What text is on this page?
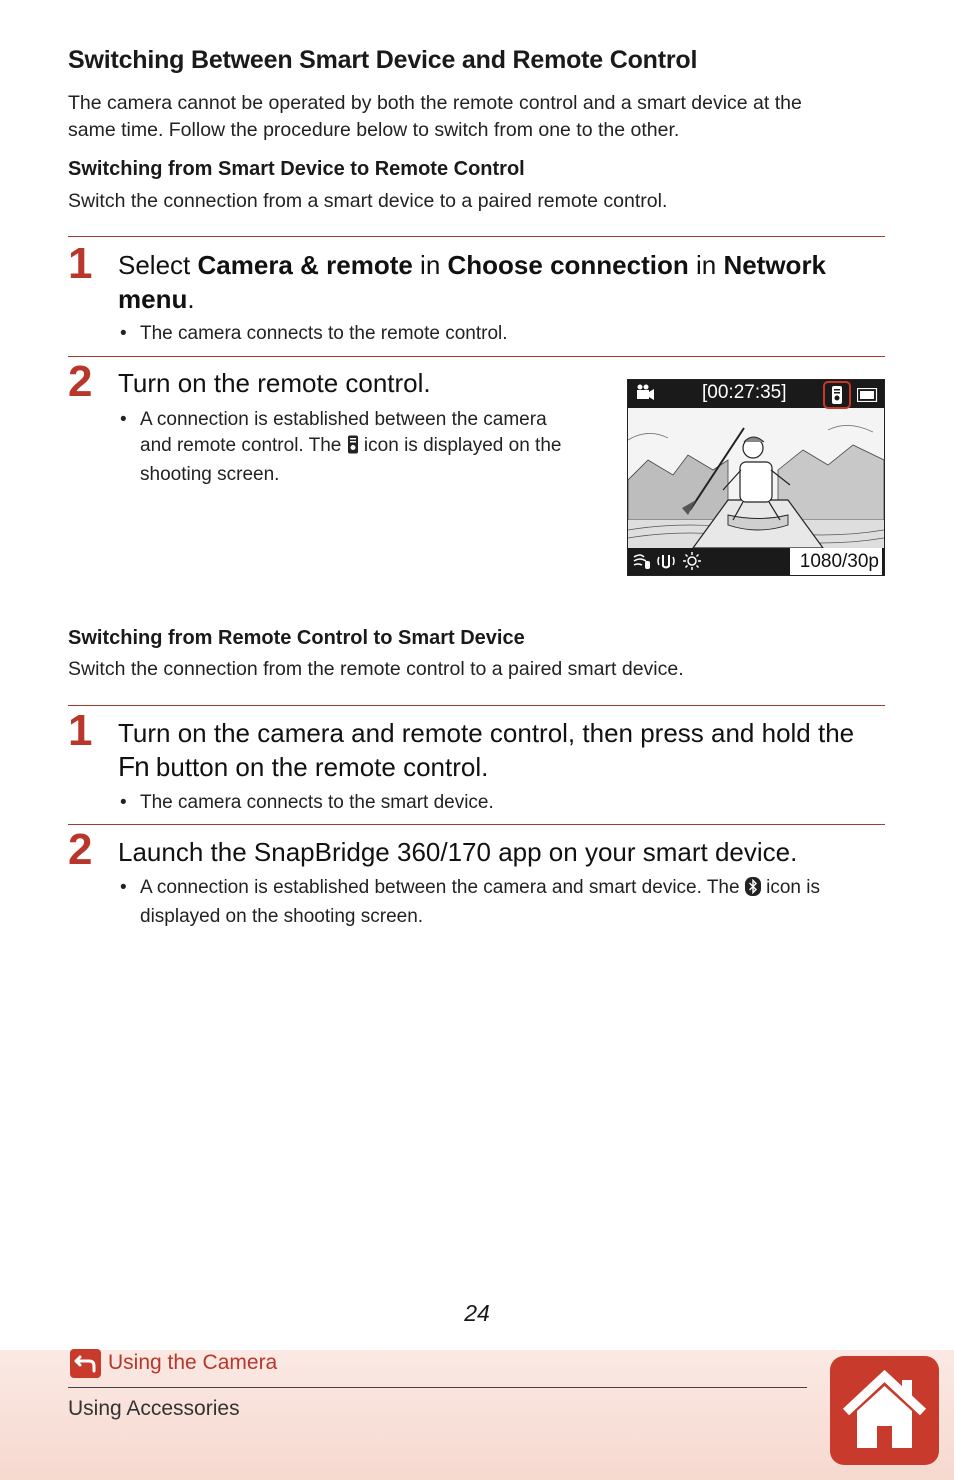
Switching Between Smart Device and Remote Control
The camera cannot be operated by both the remote control and a smart device at the
same time. Follow the procedure below to switch from one to the other.
Switching from Smart Device to Remote Control
Switch the connection from a smart device to a paired remote control.
1 Select Camera & remote in Choose connection in Network
menu.
• The camera connects to the remote control.
2 Turn on the remote control.
• A connection is established between the camera
and remote control. The  icon is displayed on the
shooting screen.
[00:27:35]
1080/30p
Switching from Remote Control to Smart Device
Switch the connection from the remote control to a paired smart device.
1 Turn on the camera and remote control, then press and hold the
Fn button on the remote control.
• The camera connects to the smart device.
2 Launch the SnapBridge 360/170 app on your smart device.
• A connection is established between the camera and smart device. The  icon is
displayed on the shooting screen.
24
Using the Camera
Using Accessories
